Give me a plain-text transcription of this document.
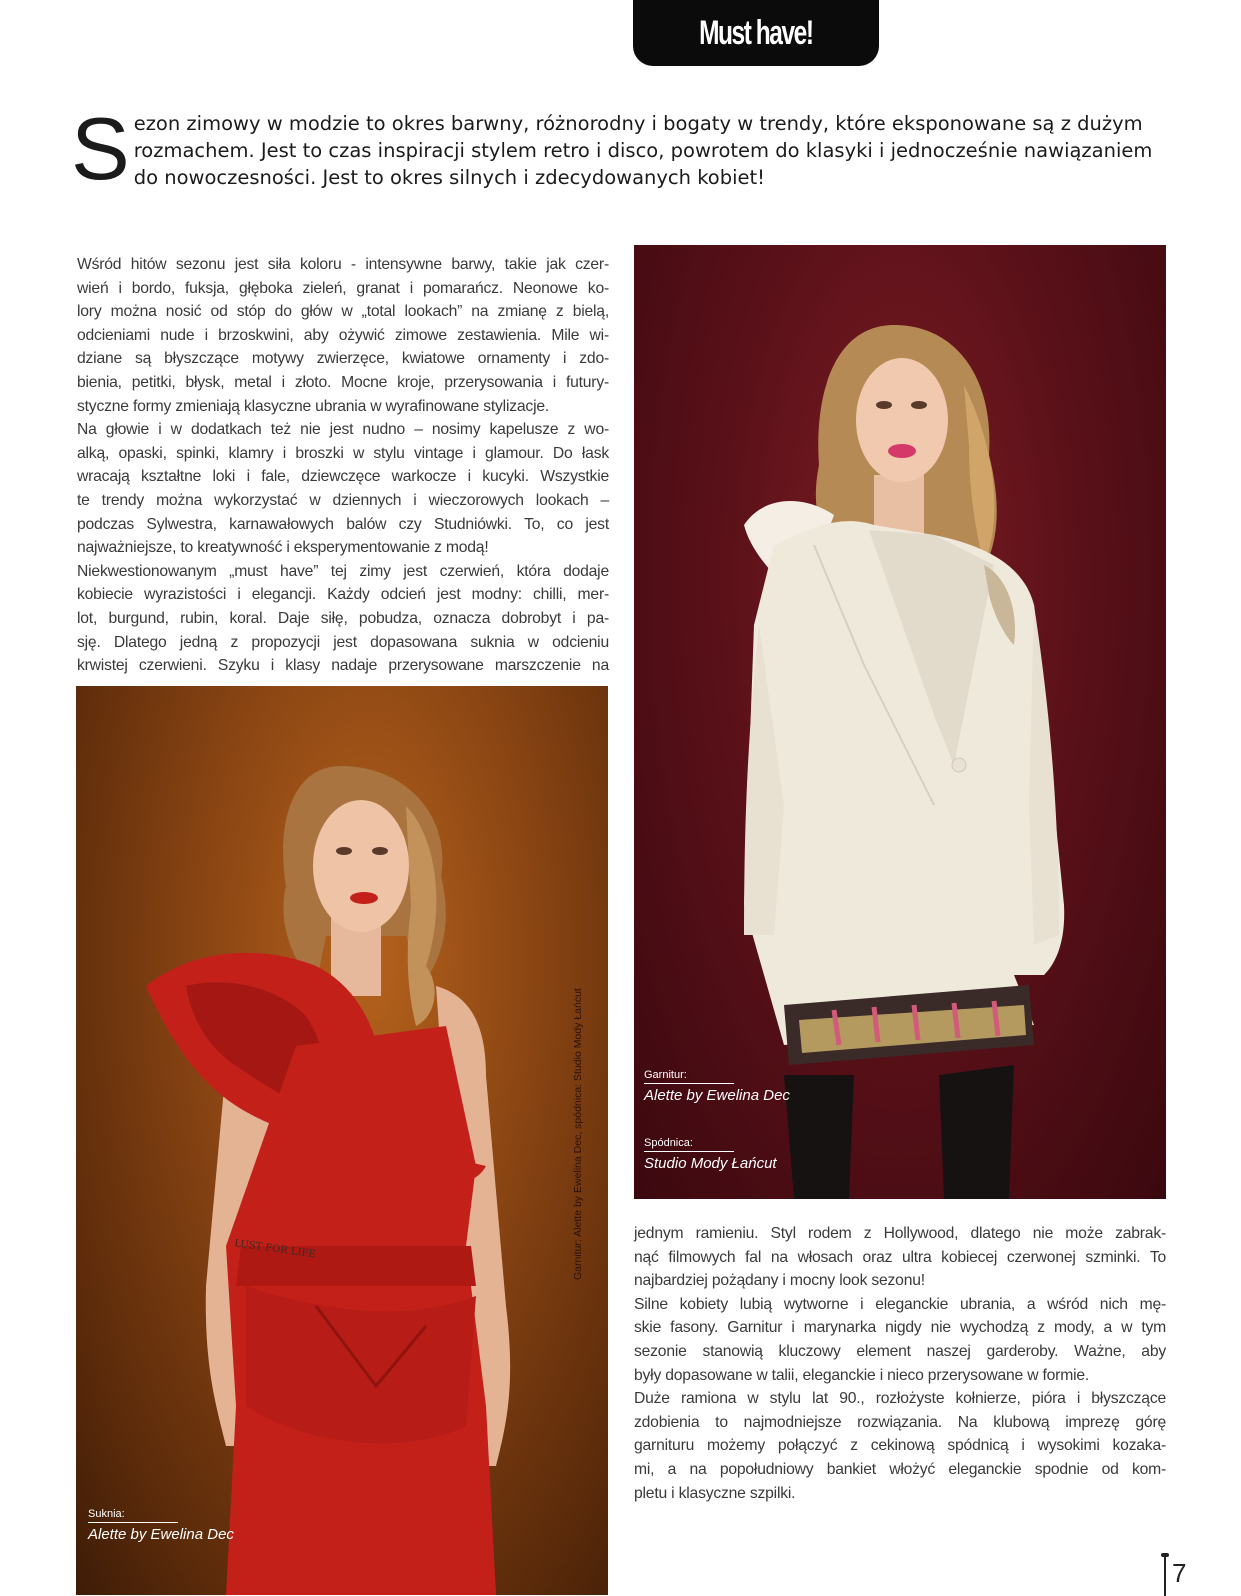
Must have!
S ezon zimowy w modzie to okres barwny, różnorodny i bogaty w trendy, które eksponowane są z dużym

rozmachem. Jest to czas inspiracji stylem retro i disco, powrotem do klasyki i jednocześnie nawiązaniem

do nowoczesności. Jest to okres silnych i zdecydowanych kobiet!

Wśród hitów sezonu jest siła koloru - intensywne barwy, takie jak czer-

wień i bordo, fuksja, głęboka zieleń, granat i pomarańcz. Neonowe ko-

lory można nosić od stóp do głów w „total lookach” na zmianę z bielą,

odcieniami nude i brzoskwini, aby ożywić zimowe zestawienia. Mile wi-

dziane są błyszczące motywy zwierzęce, kwiatowe ornamenty i zdo-

bienia, petitki, błysk, metal i złoto. Mocne kroje, przerysowania i futury-

styczne formy zmieniają klasyczne ubrania w wyrafinowane stylizacje.

Na głowie i w dodatkach też nie jest nudno – nosimy kapelusze z wo-

alką, opaski, spinki, klamry i broszki w stylu vintage i glamour. Do łask

wracają kształtne loki i fale, dziewczęce warkocze i kucyki. Wszystkie

te trendy można wykorzystać w dziennych i wieczorowych lookach –

podczas Sylwestra, karnawałowych balów czy Studniówki. To, co jest

najważniejsze, to kreatywność i eksperymentowanie z modą!

Niekwestionowanym „must have” tej zimy jest czerwień, która dodaje

kobiecie wyrazistości i elegancji. Każdy odcień jest modny: chilli, mer-

lot, burgund, rubin, koral. Daje siłę, pobudza, oznacza dobrobyt i pa-

sję. Dlatego jedną z propozycji jest dopasowana suknia w odcieniu

krwistej czerwieni. Szyku i klasy nadaje przerysowane marszczenie na

LUST FOR LIFE
Suknia:
Alette by Ewelina Dec
Garnitur: Alette by Ewelina Dec, spódnica: Studio Mody Łańcut	Garnitur:
Alette by Ewelina Dec
Spódnica:
Studio Mody Łańcut

jednym ramieniu. Styl rodem z Hollywood, dlatego nie może zabrak-

nąć filmowych fal na włosach oraz ultra kobiecej czerwonej szminki. To

najbardziej pożądany i mocny look sezonu!

Silne kobiety lubią wytworne i eleganckie ubrania, a wśród nich mę-

skie fasony. Garnitur i marynarka nigdy nie wychodzą z mody, a w tym

sezonie stanowią kluczowy element naszej garderoby. Ważne, aby

były dopasowane w talii, eleganckie i nieco przerysowane w formie.

Duże ramiona w stylu lat 90., rozłożyste kołnierze, pióra i błyszczące

zdobienia to najmodniejsze rozwiązania. Na klubową imprezę górę

garnituru możemy połączyć z cekinową spódnicą i wysokimi kozaka-

mi, a na popołudniowy bankiet włożyć eleganckie spodnie od kom-

pletu i klasyczne szpilki.

7
